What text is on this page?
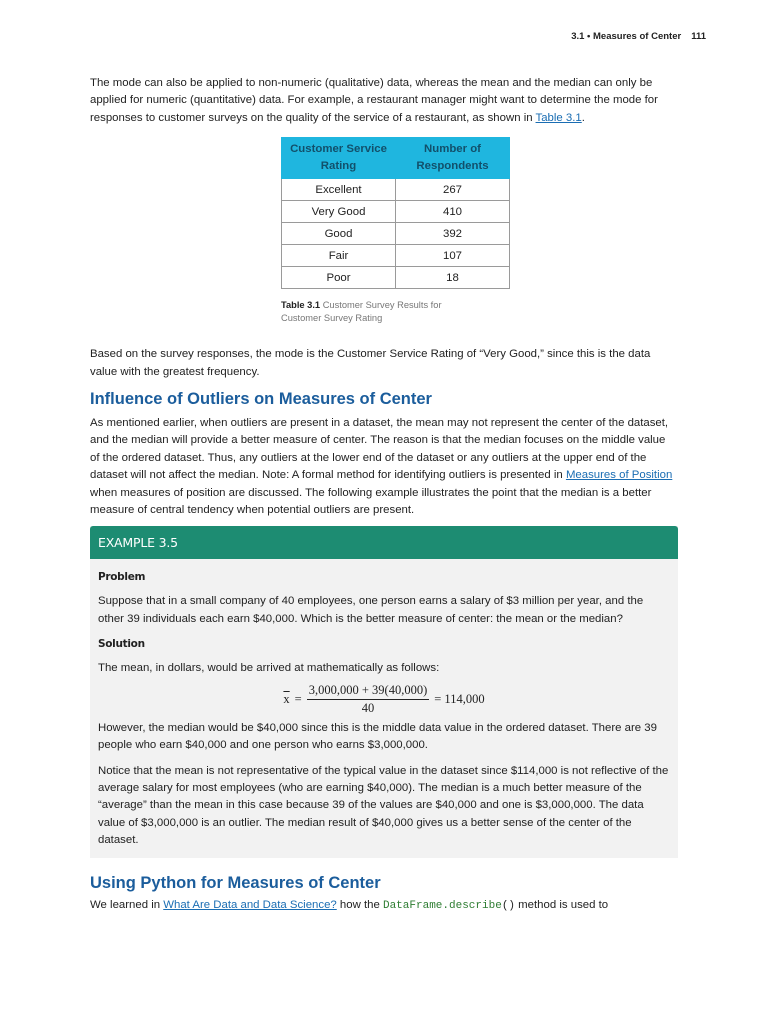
3.1 • Measures of Center 111

The mode can also be applied to non-numeric (qualitative) data, whereas the mean and the median can only be applied for numeric (quantitative) data. For example, a restaurant manager might want to determine the mode for responses to customer surveys on the quality of the service of a restaurant, as shown in Table 3.1.

Customer Service Rating	Number of Respondents
Excellent	267
Very Good	410
Good	392
Fair	107
Poor	18
Table 3.1 Customer Survey Results for Customer Survey Rating

Based on the survey responses, the mode is the Customer Service Rating of “Very Good,” since this is the data value with the greatest frequency.

Influence of Outliers on Measures of Center

As mentioned earlier, when outliers are present in a dataset, the mean may not represent the center of the dataset, and the median will provide a better measure of center. The reason is that the median focuses on the middle value of the ordered dataset. Thus, any outliers at the lower end of the dataset or any outliers at the upper end of the dataset will not affect the median. Note: A formal method for identifying outliers is presented in Measures of Position when measures of position are discussed. The following example illustrates the point that the median is a better measure of central tendency when potential outliers are present.

EXAMPLE 3.5

Problem

Suppose that in a small company of 40 employees, one person earns a salary of $3 million per year, and the other 39 individuals each earn $40,000. Which is the better measure of center: the mean or the median?

Solution

The mean, in dollars, would be arrived at mathematically as follows:

$\overline{x} = \frac{3,000,000 + 39(40,000)}{40} = 114,000$

However, the median would be $40,000 since this is the middle data value in the ordered dataset. There are 39 people who earn $40,000 and one person who earns $3,000,000.

Notice that the mean is not representative of the typical value in the dataset since $114,000 is not reflective of the average salary for most employees (who are earning $40,000). The median is a much better measure of the “average” than the mean in this case because 39 of the values are $40,000 and one is $3,000,000. The data value of $3,000,000 is an outlier. The median result of $40,000 gives us a better sense of the center of the dataset.

Using Python for Measures of Center

We learned in What Are Data and Data Science? how the DataFrame.describe() method is used to
